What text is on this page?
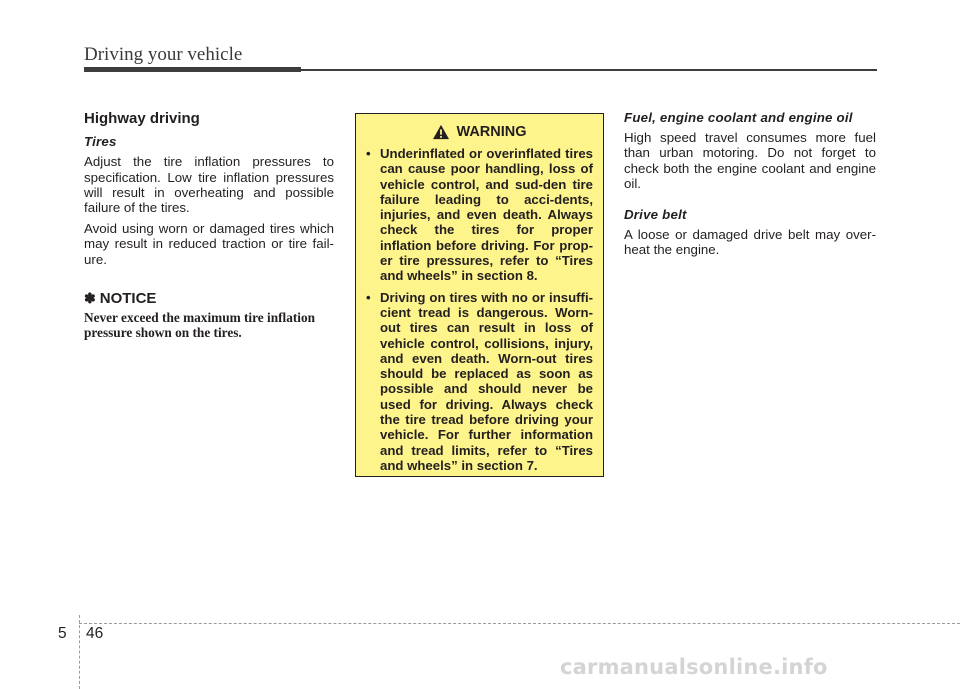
Driving your vehicle
Highway driving
Tires

Adjust the tire inflation pressures to specification. Low tire inflation pressures will result in overheating and possible failure of the tires.

Avoid using worn or damaged tires which may result in reduced traction or tire fail-ure.

✽ NOTICE
Never exceed the maximum tire inflation pressure shown on the tires.
WARNING
• Underinflated or overinflated tires can cause poor handling, loss of vehicle control, and sud-den tire failure leading to acci-dents, injuries, and even death. Always check the tires for proper inflation before driving. For prop-er tire pressures, refer to “Tires and wheels” in section 8.
• Driving on tires with no or insuffi-cient tread is dangerous. Worn-out tires can result in loss of vehicle control, collisions, injury, and even death. Worn-out tires should be replaced as soon as possible and should never be used for driving. Always check the tire tread before driving your vehicle. For further information and tread limits, refer to “Tires and wheels” in section 7.
Fuel, engine coolant and engine oil

High speed travel consumes more fuel than urban motoring. Do not forget to check both the engine coolant and engine oil.

Drive belt

A loose or damaged drive belt may over-heat the engine.

5 46
carmanualsonline.info
